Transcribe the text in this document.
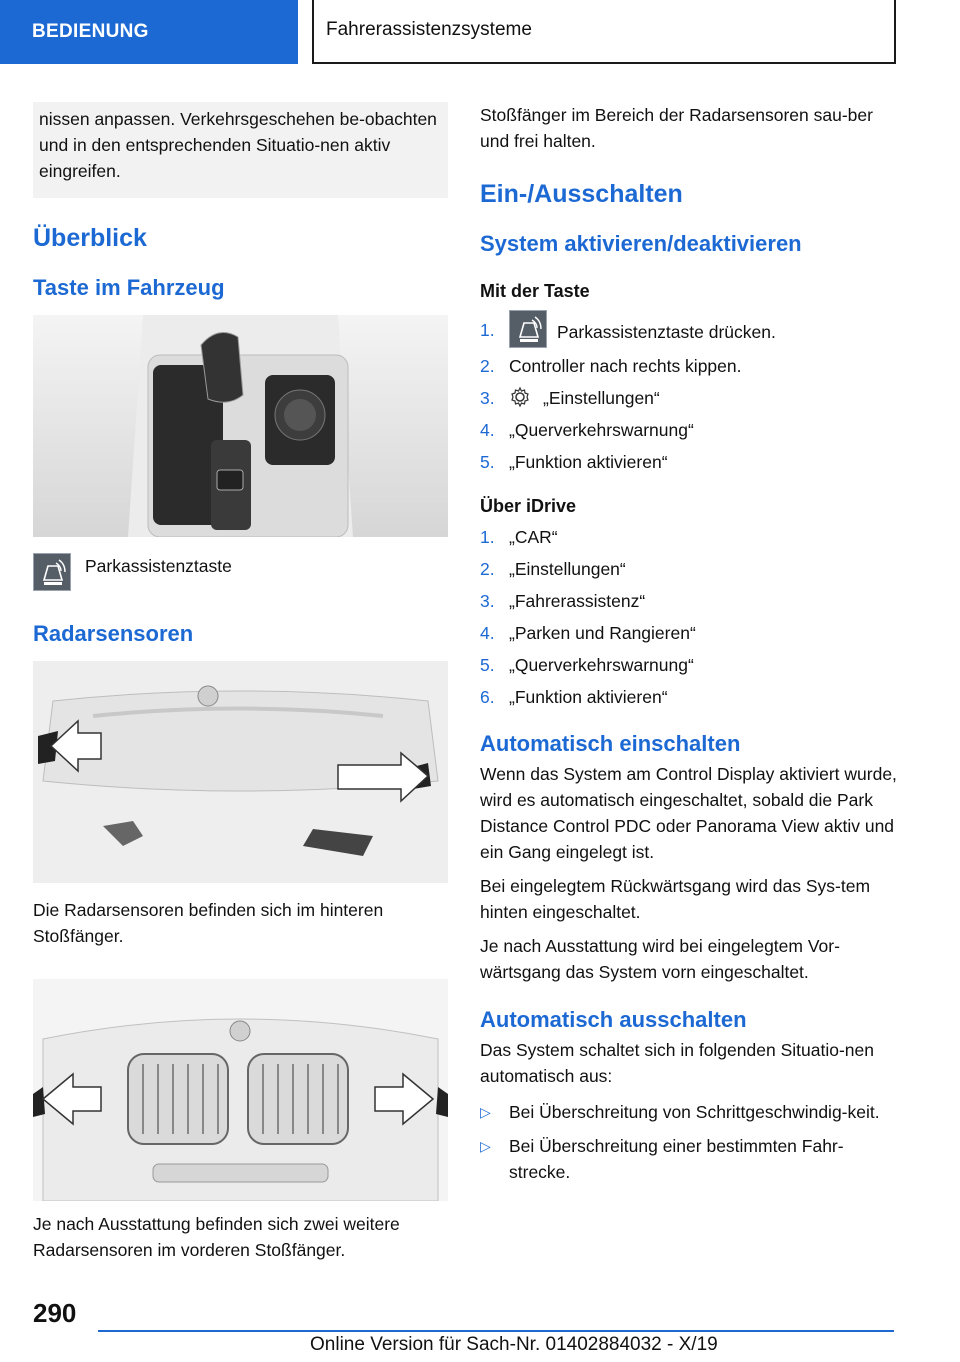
BEDIENUNG	Fahrerassistenzsysteme

nissen anpassen. Verkehrsgeschehen be-obachten und in den entsprechenden Situatio-nen aktiv eingreifen.

Überblick
Taste im Fahrzeug
Parkassistenztaste
Radarsensoren

Die Radarsensoren befinden sich im hinteren Stoßfänger.

Je nach Ausstattung befinden sich zwei weitere Radarsensoren im vorderen Stoßfänger.

Stoßfänger im Bereich der Radarsensoren sau-ber und frei halten.

Ein-/Ausschalten
System aktivieren/deaktivieren
Mit der Taste
1.	Parkassistenztaste drücken.
2. Controller nach rechts kippen.
3.	„Einstellungen“
4. „Querverkehrswarnung“
5. „Funktion aktivieren“
Über iDrive
1. „CAR“
2. „Einstellungen“
3. „Fahrerassistenz“
4. „Parken und Rangieren“
5. „Querverkehrswarnung“
6. „Funktion aktivieren“
Automatisch einschalten

Wenn das System am Control Display aktiviert wurde, wird es automatisch eingeschaltet, sobald die Park Distance Control PDC oder Panorama View aktiv und ein Gang eingelegt ist.

Bei eingelegtem Rückwärtsgang wird das Sys-tem hinten eingeschaltet.

Je nach Ausstattung wird bei eingelegtem Vor-wärtsgang das System vorn eingeschaltet.

Automatisch ausschalten

Das System schaltet sich in folgenden Situatio-nen automatisch aus:

▷ Bei Überschreitung von Schrittgeschwindig-keit.
▷ Bei Überschreitung einer bestimmten Fahr-strecke.
290
Online Version für Sach-Nr. 01402884032 - X/19
